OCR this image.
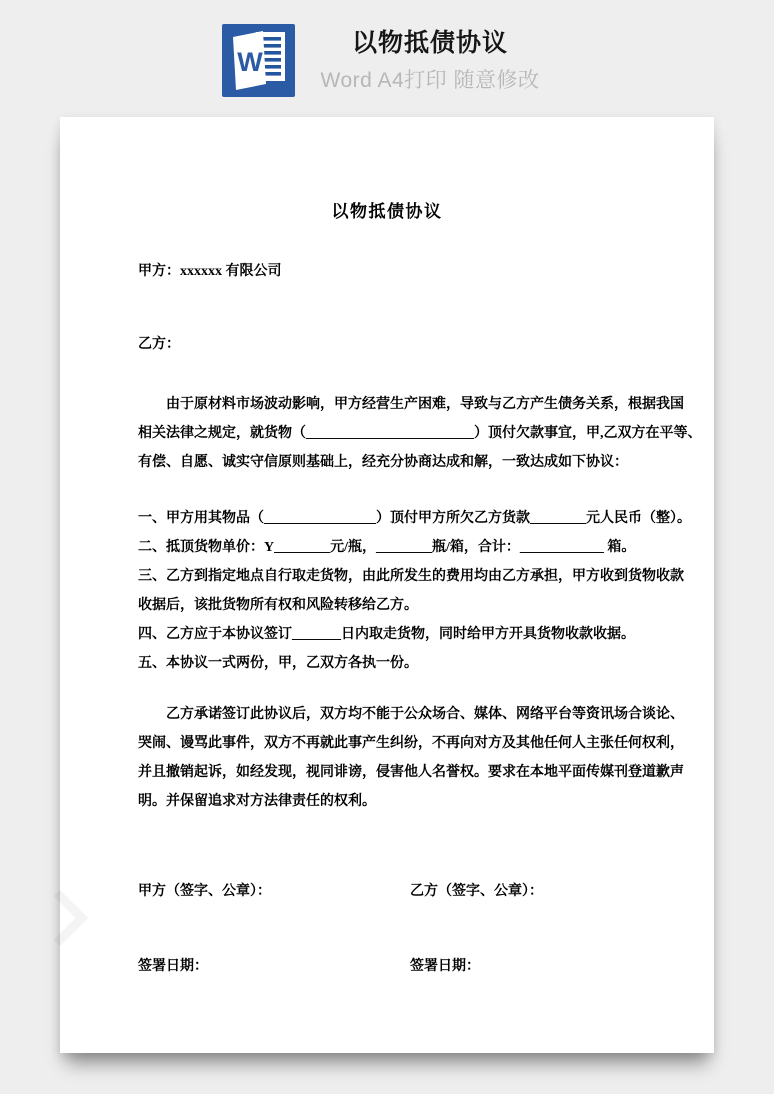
W
以物抵债协议
Word A4打印 随意修改
以物抵债协议
甲方：xxxxxx 有限公司
乙方：
　　由于原材料市场波动影响，甲方经营生产困难，导致与乙方产生债务关系，根据我国
相关法律之规定，就货物（________________________）顶付欠款事宜，甲,乙双方在平等、
有偿、自愿、诚实守信原则基础上，经充分协商达成和解，一致达成如下协议：
一、甲方用其物品（________________）顶付甲方所欠乙方货款________元人民币（整）。
二、抵顶货物单价：Y________元/瓶，________瓶/箱，合计：____________ 箱。
三、乙方到指定地点自行取走货物，由此所发生的费用均由乙方承担，甲方收到货物收款
收据后，该批货物所有权和风险转移给乙方。
四、乙方应于本协议签订_______日内取走货物，同时给甲方开具货物收款收据。
五、本协议一式两份，甲，乙双方各执一份。
　　乙方承诺签订此协议后，双方均不能于公众场合、媒体、网络平台等资讯场合谈论、
哭闹、谩骂此事件，双方不再就此事产生纠纷，不再向对方及其他任何人主张任何权利，
并且撤销起诉，如经发现，视同诽谤，侵害他人名誉权。要求在本地平面传媒刊登道歉声
明。并保留追求对方法律责任的权利。
甲方（签字、公章）：	乙方（签字、公章）：
签署日期：	签署日期：
